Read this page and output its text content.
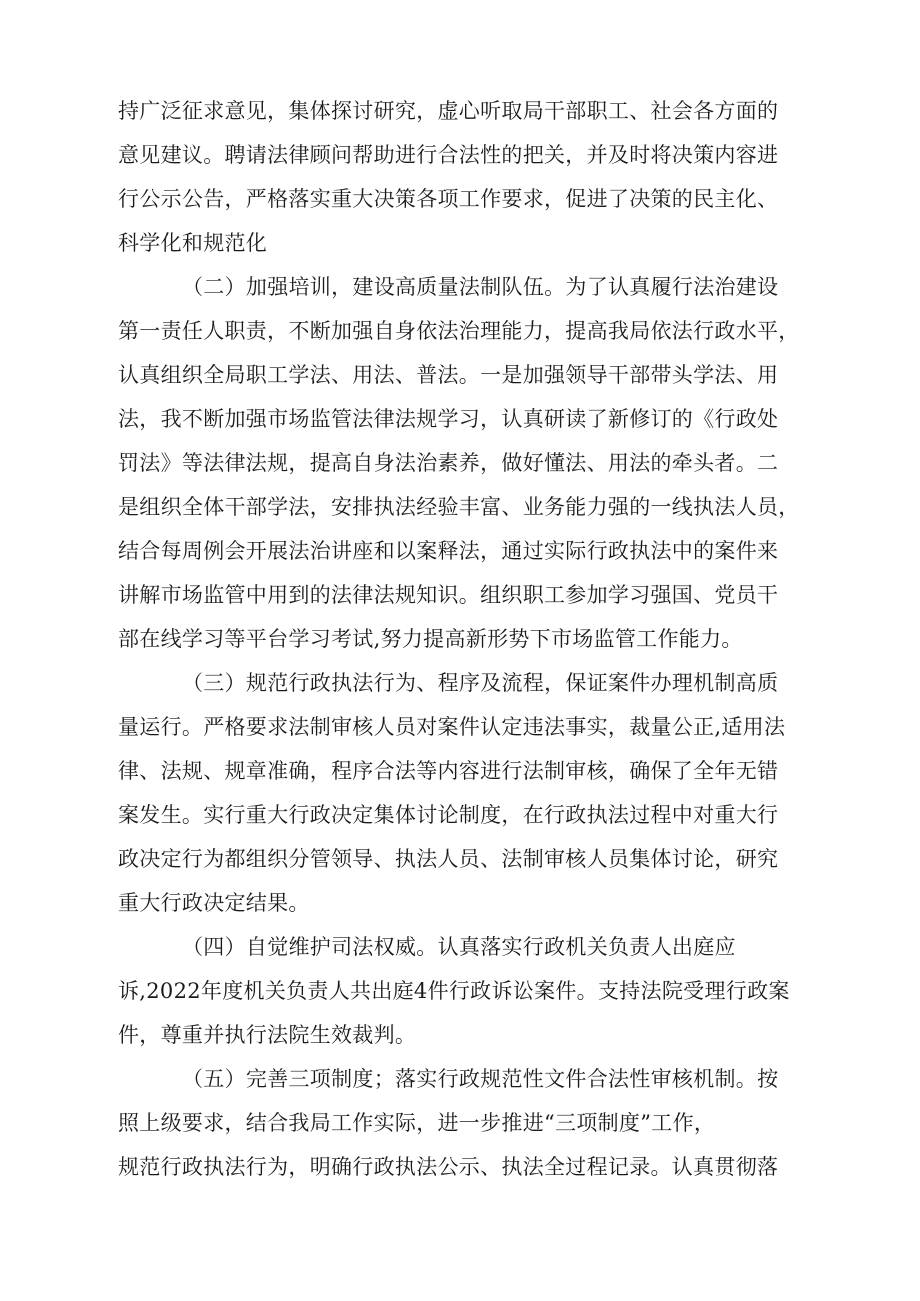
持广泛征求意见，集体探讨研究，虚心听取局干部职工、社会各方面的
意见建议。聘请法律顾问帮助进行合法性的把关，并及时将决策内容进
行公示公告，严格落实重大决策各项工作要求，促进了决策的民主化、
科学化和规范化
（二）加强培训，建设高质量法制队伍。为了认真履行法治建设
第一责任人职责，不断加强自身依法治理能力，提高我局依法行政水平，
认真组织全局职工学法、用法、普法。一是加强领导干部带头学法、用
法，我不断加强市场监管法律法规学习，认真研读了新修订的《行政处
罚法》等法律法规，提高自身法治素养，做好懂法、用法的牵头者。二
是组织全体干部学法，安排执法经验丰富、业务能力强的一线执法人员，
结合每周例会开展法治讲座和以案释法，通过实际行政执法中的案件来
讲解市场监管中用到的法律法规知识。组织职工参加学习强国、党员干
部在线学习等平台学习考试,努力提高新形势下市场监管工作能力。
（三）规范行政执法行为、程序及流程，保证案件办理机制高质
量运行。严格要求法制审核人员对案件认定违法事实，裁量公正,适用法
律、法规、规章准确，程序合法等内容进行法制审核，确保了全年无错
案发生。实行重大行政决定集体讨论制度，在行政执法过程中对重大行
政决定行为都组织分管领导、执法人员、法制审核人员集体讨论，研究
重大行政决定结果。
（四）自觉维护司法权威。认真落实行政机关负责人出庭应
诉,2022年度机关负责人共出庭4件行政诉讼案件。支持法院受理行政案
件，尊重并执行法院生效裁判。
（五）完善三项制度；落实行政规范性文件合法性审核机制。按
照上级要求，结合我局工作实际，进一步推进“三项制度”工作，
规范行政执法行为，明确行政执法公示、执法全过程记录。认真贯彻落
